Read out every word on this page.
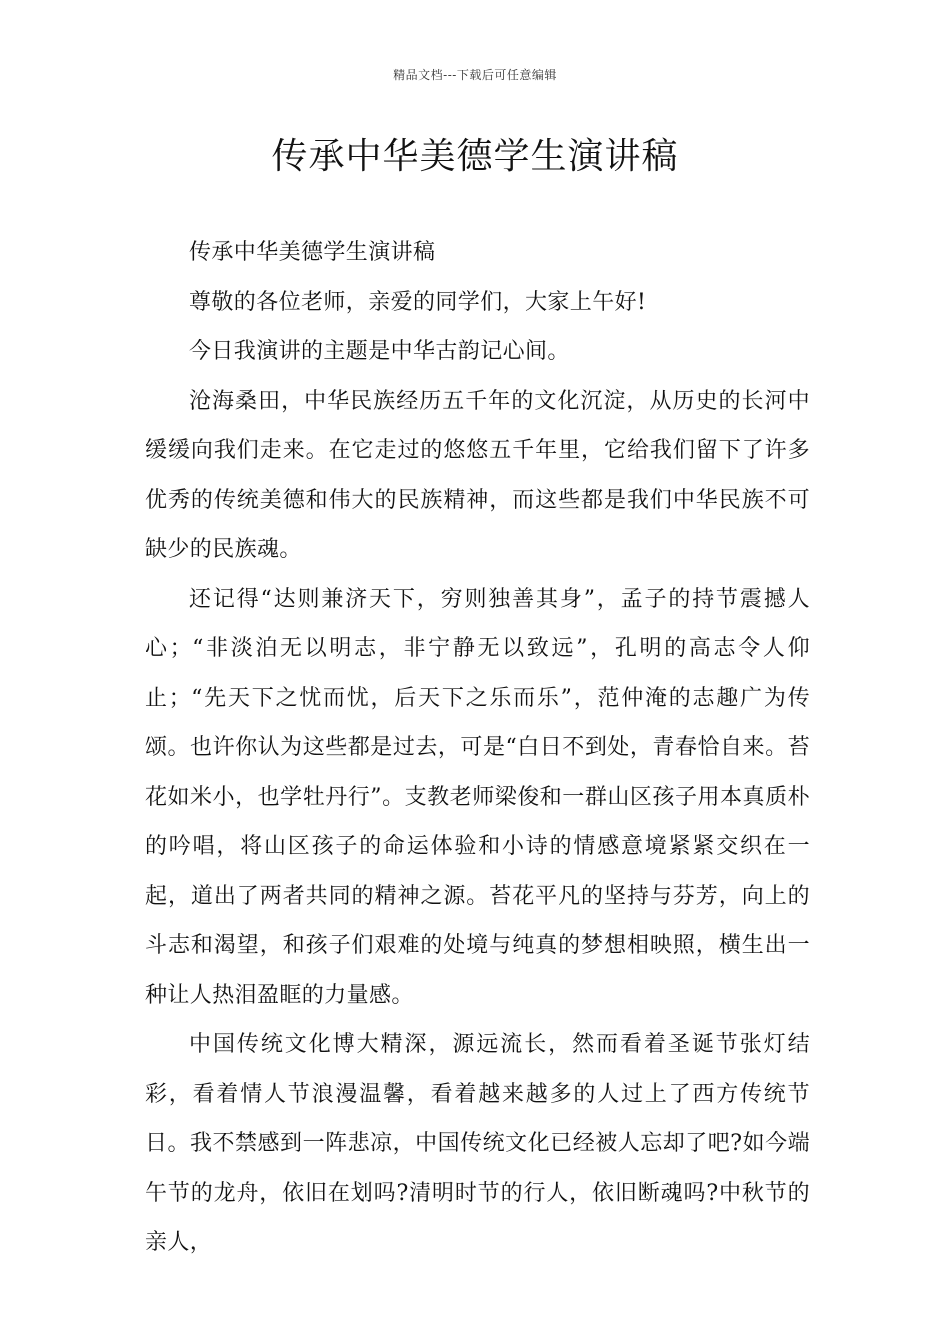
精品文档---下载后可任意编辑
传承中华美德学生演讲稿

传承中华美德学生演讲稿

尊敬的各位老师，亲爱的同学们，大家上午好!

今日我演讲的主题是中华古韵记心间。

沧海桑田，中华民族经历五千年的文化沉淀，从历史的长河中缓缓向我们走来。在它走过的悠悠五千年里，它给我们留下了许多优秀的传统美德和伟大的民族精神，而这些都是我们中华民族不可缺少的民族魂。

还记得“达则兼济天下，穷则独善其身”，孟子的持节震撼人心；“非淡泊无以明志，非宁静无以致远”，孔明的高志令人仰止；“先天下之忧而忧，后天下之乐而乐”，范仲淹的志趣广为传颂。也许你认为这些都是过去，可是“白日不到处，青春恰自来。苔花如米小，也学牡丹行”。支教老师梁俊和一群山区孩子用本真质朴的吟唱，将山区孩子的命运体验和小诗的情感意境紧紧交织在一起，道出了两者共同的精神之源。苔花平凡的坚持与芬芳，向上的斗志和渴望，和孩子们艰难的处境与纯真的梦想相映照，横生出一种让人热泪盈眶的力量感。

中国传统文化博大精深，源远流长，然而看着圣诞节张灯结彩，看着情人节浪漫温馨，看着越来越多的人过上了西方传统节日。我不禁感到一阵悲凉，中国传统文化已经被人忘却了吧?如今端午节的龙舟，依旧在划吗?清明时节的行人，依旧断魂吗?中秋节的亲人，
